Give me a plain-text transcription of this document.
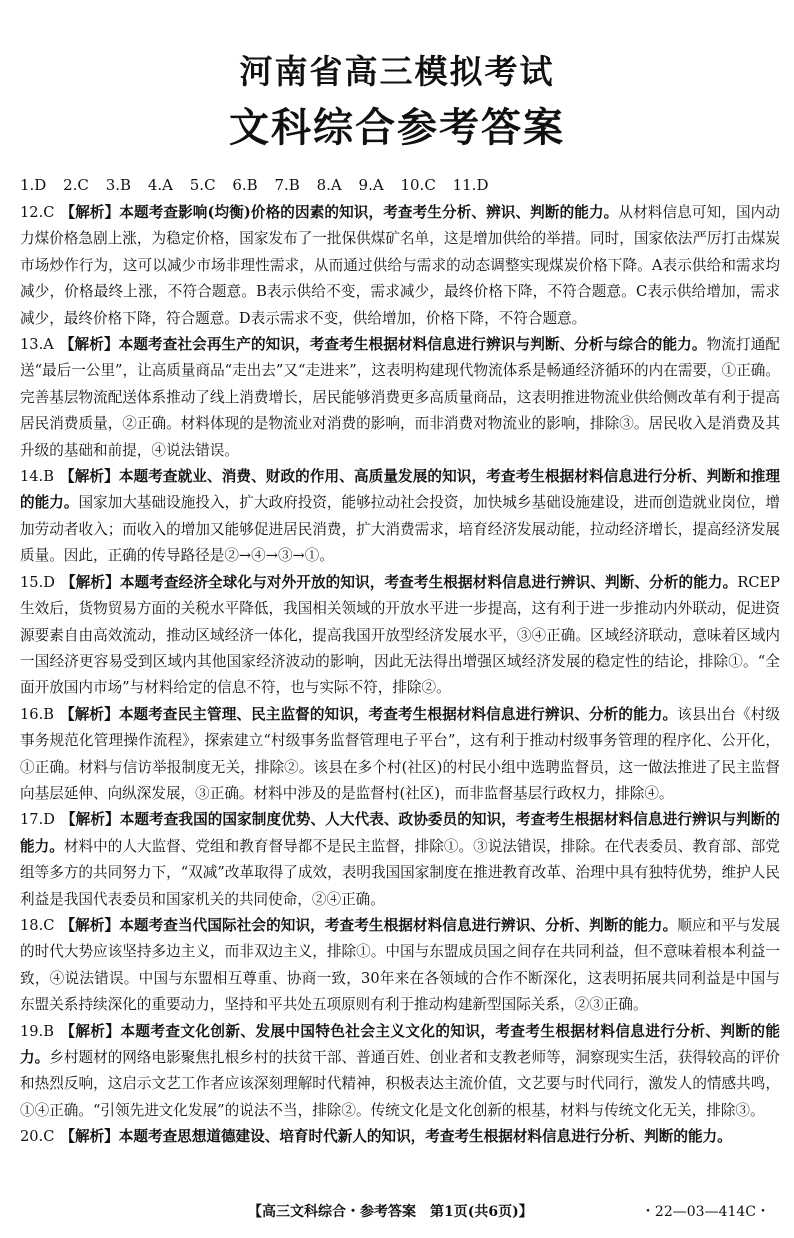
河南省高三模拟考试
文科综合参考答案
1.D 2.C 3.B 4.A 5.C 6.B 7.B 8.A 9.A 10.C 11.D

12.C 【解析】本题考查影响(均衡)价格的因素的知识，考查考生分析、辨识、判断的能力。从材料信息可知，国内动力煤价格急剧上涨，为稳定价格，国家发布了一批保供煤矿名单，这是增加供给的举措。同时，国家依法严厉打击煤炭市场炒作行为，这可以减少市场非理性需求，从而通过供给与需求的动态调整实现煤炭价格下降。A表示供给和需求均减少，价格最终上涨，不符合题意。B表示供给不变，需求减少，最终价格下降，不符合题意。C表示供给增加，需求减少，最终价格下降，符合题意。D表示需求不变，供给增加，价格下降，不符合题意。

13.A 【解析】本题考查社会再生产的知识，考查考生根据材料信息进行辨识与判断、分析与综合的能力。物流打通配送“最后一公里”，让高质量商品“走出去”又“走进来”，这表明构建现代物流体系是畅通经济循环的内在需要，①正确。完善基层物流配送体系推动了线上消费增长，居民能够消费更多高质量商品，这表明推进物流业供给侧改革有利于提高居民消费质量，②正确。材料体现的是物流业对消费的影响，而非消费对物流业的影响，排除③。居民收入是消费及其升级的基础和前提，④说法错误。

14.B 【解析】本题考查就业、消费、财政的作用、高质量发展的知识，考查考生根据材料信息进行分析、判断和推理的能力。国家加大基础设施投入，扩大政府投资，能够拉动社会投资，加快城乡基础设施建设，进而创造就业岗位，增加劳动者收入；而收入的增加又能够促进居民消费，扩大消费需求，培育经济发展动能，拉动经济增长，提高经济发展质量。因此，正确的传导路径是②→④→③→①。

15.D 【解析】本题考查经济全球化与对外开放的知识，考查考生根据材料信息进行辨识、判断、分析的能力。RCEP生效后，货物贸易方面的关税水平降低，我国相关领域的开放水平进一步提高，这有利于进一步推动内外联动，促进资源要素自由高效流动，推动区域经济一体化，提高我国开放型经济发展水平，③④正确。区域经济联动，意味着区域内一国经济更容易受到区域内其他国家经济波动的影响，因此无法得出增强区域经济发展的稳定性的结论，排除①。“全面开放国内市场”与材料给定的信息不符，也与实际不符，排除②。

16.B 【解析】本题考查民主管理、民主监督的知识，考查考生根据材料信息进行辨识、分析的能力。该县出台《村级事务规范化管理操作流程》，探索建立“村级事务监督管理电子平台”，这有利于推动村级事务管理的程序化、公开化，①正确。材料与信访举报制度无关，排除②。该县在多个村(社区)的村民小组中选聘监督员，这一做法推进了民主监督向基层延伸、向纵深发展，③正确。材料中涉及的是监督村(社区)，而非监督基层行政权力，排除④。

17.D 【解析】本题考查我国的国家制度优势、人大代表、政协委员的知识，考查考生根据材料信息进行辨识与判断的能力。材料中的人大监督、党组和教育督导都不是民主监督，排除①。③说法错误，排除。在代表委员、教育部、部党组等多方的共同努力下，“双减”改革取得了成效，表明我国国家制度在推进教育改革、治理中具有独特优势，维护人民利益是我国代表委员和国家机关的共同使命，②④正确。

18.C 【解析】本题考查当代国际社会的知识，考查考生根据材料信息进行辨识、分析、判断的能力。顺应和平与发展的时代大势应该坚持多边主义，而非双边主义，排除①。中国与东盟成员国之间存在共同利益，但不意味着根本利益一致，④说法错误。中国与东盟相互尊重、协商一致，30年来在各领域的合作不断深化，这表明拓展共同利益是中国与东盟关系持续深化的重要动力，坚持和平共处五项原则有利于推动构建新型国际关系，②③正确。

19.B 【解析】本题考查文化创新、发展中国特色社会主义文化的知识，考查考生根据材料信息进行分析、判断的能力。乡村题材的网络电影聚焦扎根乡村的扶贫干部、普通百姓、创业者和支教老师等，洞察现实生活，获得较高的评价和热烈反响，这启示文艺工作者应该深刻理解时代精神，积极表达主流价值，文艺要与时代同行，激发人的情感共鸣，①④正确。“引领先进文化发展”的说法不当，排除②。传统文化是文化创新的根基，材料与传统文化无关，排除③。

20.C 【解析】本题考查思想道德建设、培育时代新人的知识，考查考生根据材料信息进行分析、判断的能力。

【高三文科综合・参考答案　第1页(共6页)】	・22—03—414C・
